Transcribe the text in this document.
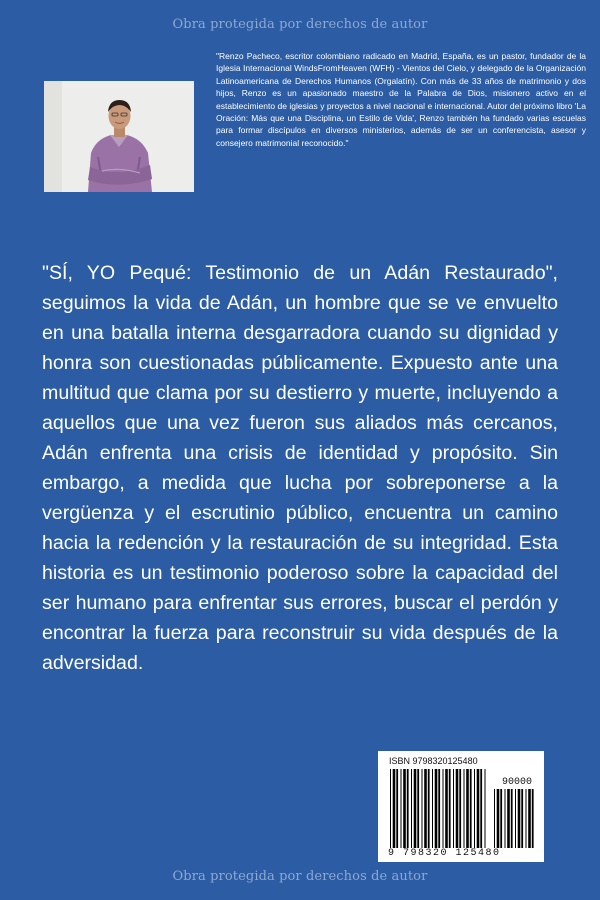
Obra protegida por derechos de autor

"Renzo Pacheco, escritor colombiano radicado en Madrid, España, es un pastor, fundador de la Iglesia Internacional WindsFromHeaven (WFH) - Vientos del Cielo, y delegado de la Organización Latinoamericana de Derechos Humanos (Orgalatín). Con más de 33 años de matrimonio y dos hijos, Renzo es un apasionado maestro de la Palabra de Dios, misionero activo en el establecimiento de iglesias y proyectos a nivel nacional e internacional. Autor del próximo libro 'La Oración: Más que una Disciplina, un Estilo de Vida', Renzo también ha fundado varias escuelas para formar discípulos en diversos ministerios, además de ser un conferencista, asesor y consejero matrimonial reconocido."

"SÍ, YO Pequé: Testimonio de un Adán Restaurado", seguimos la vida de Adán, un hombre que se ve envuelto en una batalla interna desgarradora cuando su dignidad y honra son cuestionadas públicamente. Expuesto ante una multitud que clama por su destierro y muerte, incluyendo a aquellos que una vez fueron sus aliados más cercanos, Adán enfrenta una crisis de identidad y propósito. Sin embargo, a medida que lucha por sobreponerse a la vergüenza y el escrutinio público, encuentra un camino hacia la redención y la restauración de su integridad. Esta historia es un testimonio poderoso sobre la capacidad del ser humano para enfrentar sus errores, buscar el perdón y encontrar la fuerza para reconstruir su vida después de la adversidad.

ISBN 9798320125480
90000
9 798320 125480
Obra protegida por derechos de autor
